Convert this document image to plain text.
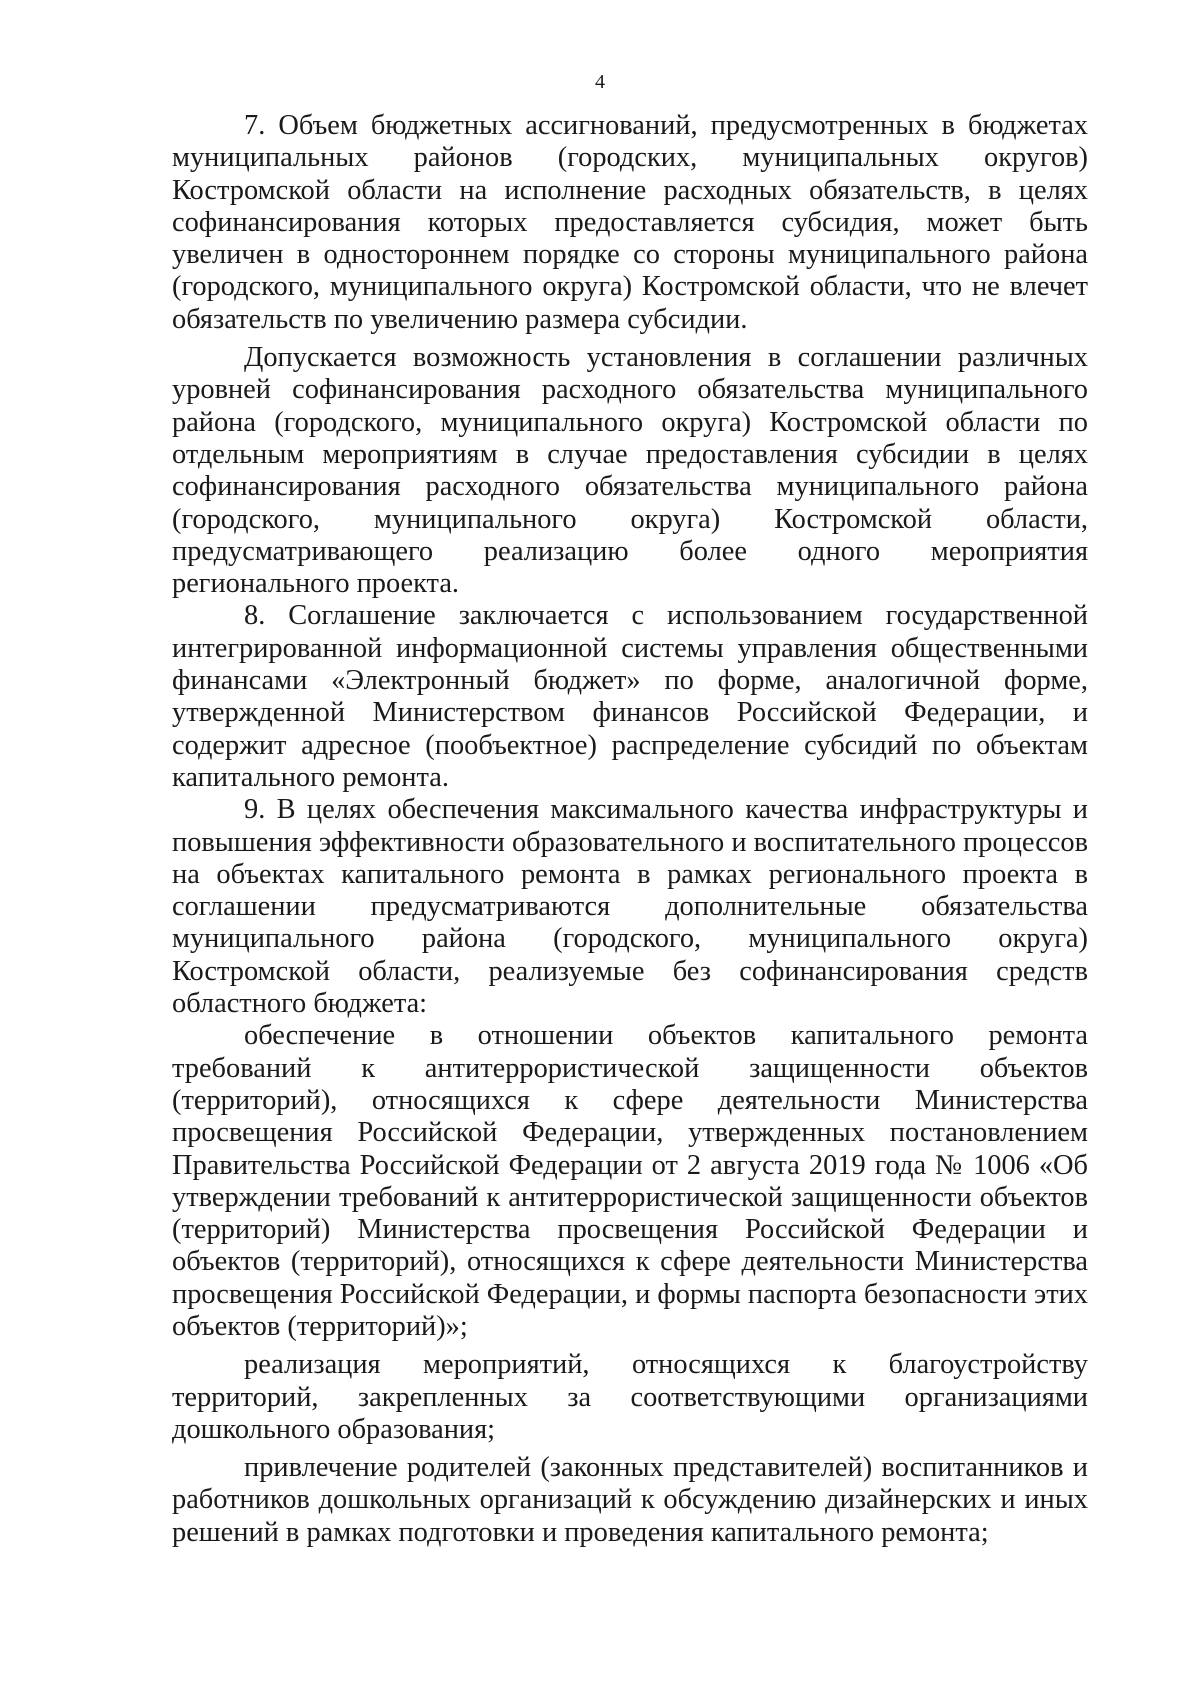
4

7. Объем бюджетных ассигнований, предусмотренных в бюджетах муниципальных районов (городских, муниципальных округов) Костромской области на исполнение расходных обязательств, в целях софинансирования которых предоставляется субсидия, может быть увеличен в одностороннем порядке со стороны муниципального района (городского, муниципального округа) Костромской области, что не влечет обязательств по увеличению размера субсидии.

Допускается возможность установления в соглашении различных уровней софинансирования расходного обязательства муниципального района (городского, муниципального округа) Костромской области по отдельным мероприятиям в случае предоставления субсидии в целях софинансирования расходного обязательства муниципального района (городского, муниципального округа) Костромской области, предусматривающего реализацию более одного мероприятия регионального проекта.

8. Соглашение заключается с использованием государственной интегрированной информационной системы управления общественными финансами «Электронный бюджет» по форме, аналогичной форме, утвержденной Министерством финансов Российской Федерации, и содержит адресное (пообъектное) распределение субсидий по объектам капитального ремонта.

9. В целях обеспечения максимального качества инфраструктуры и повышения эффективности образовательного и воспитательного процессов на объектах капитального ремонта в рамках регионального проекта в соглашении предусматриваются дополнительные обязательства муниципального района (городского, муниципального округа) Костромской области, реализуемые без софинансирования средств областного бюджета:

обеспечение в отношении объектов капитального ремонта требований к антитеррористической защищенности объектов (территорий), относящихся к сфере деятельности Министерства просвещения Российской Федерации, утвержденных постановлением Правительства Российской Федерации от 2 августа 2019 года № 1006 «Об утверждении требований к антитеррористической защищенности объектов (территорий) Министерства просвещения Российской Федерации и объектов (территорий), относящихся к сфере деятельности Министерства просвещения Российской Федерации, и формы паспорта безопасности этих объектов (территорий)»;

реализация мероприятий, относящихся к благоустройству территорий, закрепленных за соответствующими организациями дошкольного образования;

привлечение родителей (законных представителей) воспитанников и работников дошкольных организаций к обсуждению дизайнерских и иных решений в рамках подготовки и проведения капитального ремонта;
